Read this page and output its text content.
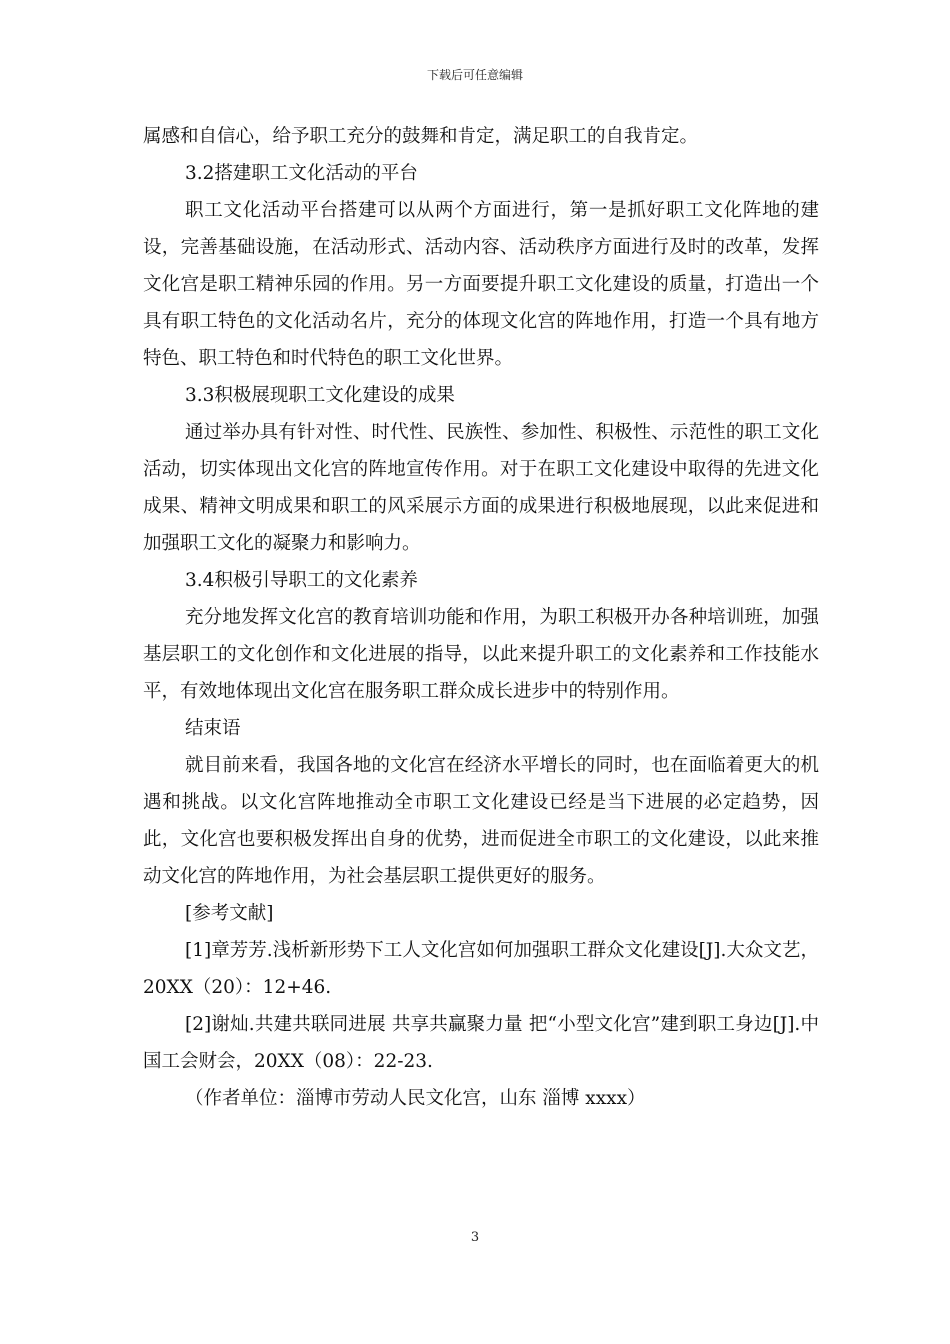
下载后可任意编辑

属感和自信心，给予职工充分的鼓舞和肯定，满足职工的自我肯定。

3.2搭建职工文化活动的平台

职工文化活动平台搭建可以从两个方面进行，第一是抓好职工文化阵地的建设，完善基础设施，在活动形式、活动内容、活动秩序方面进行及时的改革，发挥文化宫是职工精神乐园的作用。另一方面要提升职工文化建设的质量，打造出一个具有职工特色的文化活动名片，充分的体现文化宫的阵地作用，打造一个具有地方特色、职工特色和时代特色的职工文化世界。

3.3积极展现职工文化建设的成果

通过举办具有针对性、时代性、民族性、参加性、积极性、示范性的职工文化活动，切实体现出文化宫的阵地宣传作用。对于在职工文化建设中取得的先进文化成果、精神文明成果和职工的风采展示方面的成果进行积极地展现，以此来促进和加强职工文化的凝聚力和影响力。

3.4积极引导职工的文化素养

充分地发挥文化宫的教育培训功能和作用，为职工积极开办各种培训班，加强基层职工的文化创作和文化进展的指导，以此来提升职工的文化素养和工作技能水平，有效地体现出文化宫在服务职工群众成长进步中的特别作用。

结束语

就目前来看，我国各地的文化宫在经济水平增长的同时，也在面临着更大的机遇和挑战。以文化宫阵地推动全市职工文化建设已经是当下进展的必定趋势，因此，文化宫也要积极发挥出自身的优势，进而促进全市职工的文化建设，以此来推动文化宫的阵地作用，为社会基层职工提供更好的服务。

[参考文献]

[1]章芳芳.浅析新形势下工人文化宫如何加强职工群众文化建设[J].大众文艺，20XX（20）：12+46.

[2]谢灿.共建共联同进展 共享共赢聚力量 把“小型文化宫”建到职工身边[J].中国工会财会，20XX（08）：22-23.

（作者单位：淄博市劳动人民文化宫，山东 淄博 xxxx）

3
